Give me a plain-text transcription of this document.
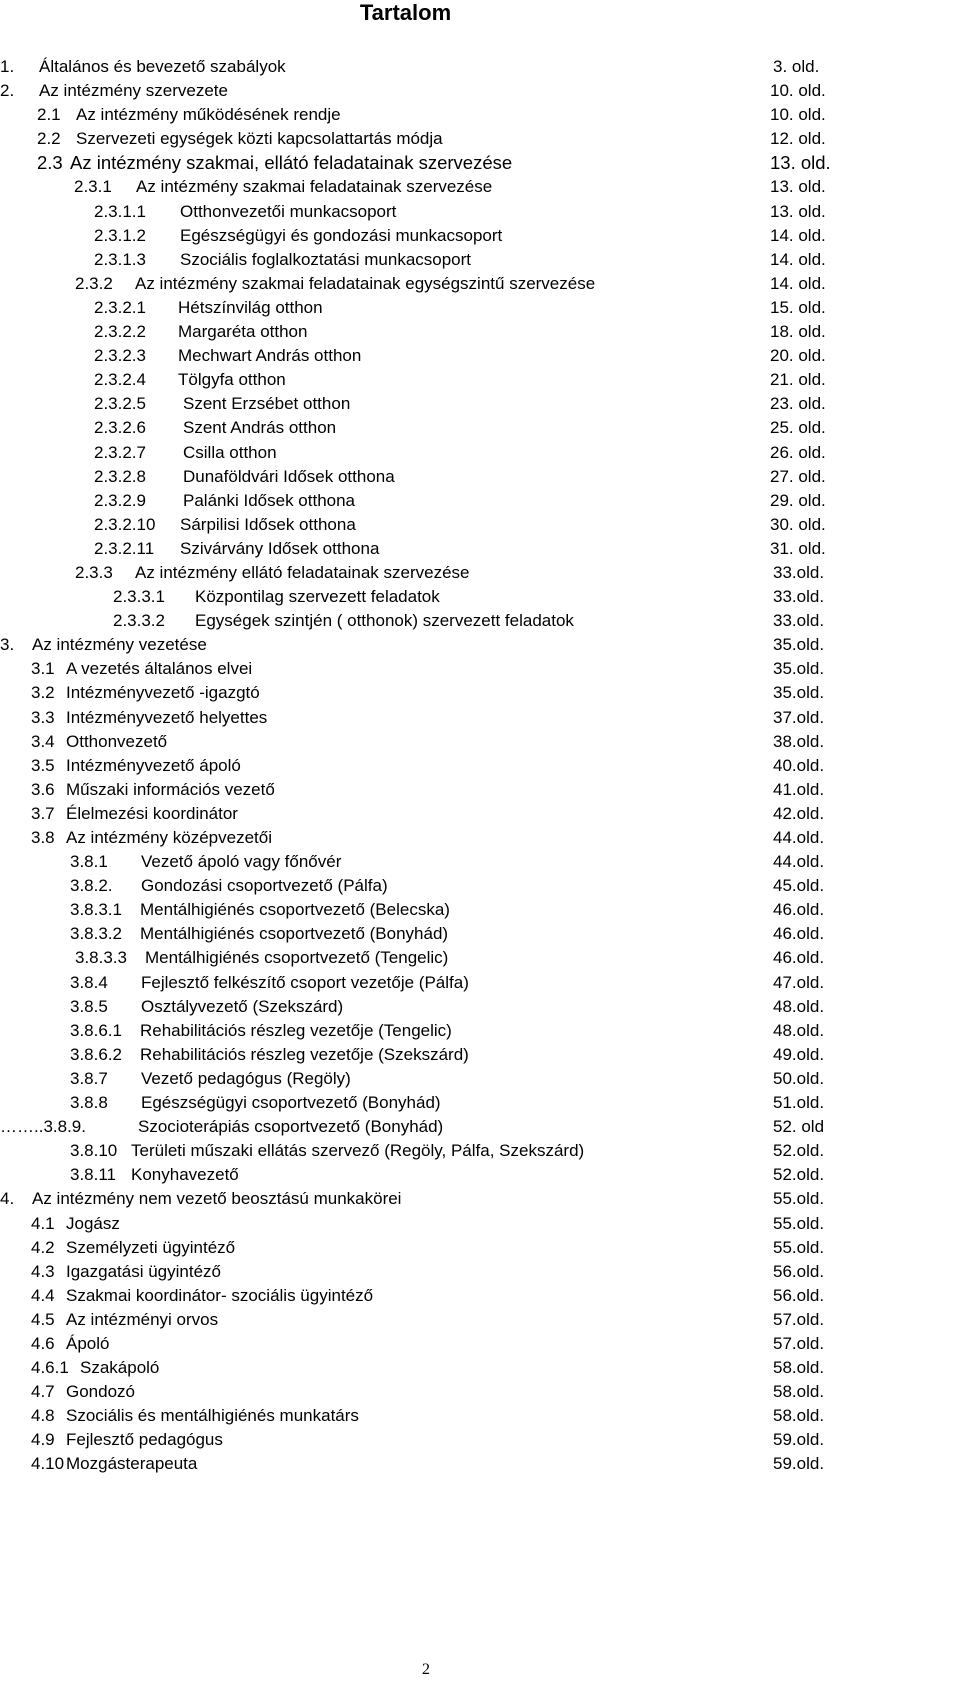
Tartalom
1. Általános és bevezető szabályok	3. old.
2. Az intézmény szervezete	10. old.
2.1 Az intézmény működésének rendje	10. old.
2.2 Szervezeti egységek közti kapcsolattartás módja	12. old.
2.3 Az intézmény szakmai, ellátó feladatainak szervezése	13. old.
2.3.1 Az intézmény szakmai feladatainak szervezése	13. old.
2.3.1.1 Otthonvezetői munkacsoport	13. old.
2.3.1.2 Egészségügyi és gondozási munkacsoport	14. old.
2.3.1.3 Szociális foglalkoztatási munkacsoport	14. old.
2.3.2 Az intézmény szakmai feladatainak egységszintű szervezése	14. old.
2.3.2.1 Hétszínvilág otthon	15. old.
2.3.2.2 Margaréta otthon	18. old.
2.3.2.3 Mechwart András otthon	20. old.
2.3.2.4 Tölgyfa otthon	21. old.
2.3.2.5 Szent Erzsébet otthon	23. old.
2.3.2.6 Szent András otthon	25. old.
2.3.2.7 Csilla otthon	26. old.
2.3.2.8 Dunaföldvári Idősek otthona	27. old.
2.3.2.9 Palánki Idősek otthona	29. old.
2.3.2.10 Sárpilisi Idősek otthona	30. old.
2.3.2.11 Szivárvány Idősek otthona	31. old.
2.3.3 Az intézmény ellátó feladatainak szervezése	33.old.
2.3.3.1 Központilag szervezett feladatok	33.old.
2.3.3.2 Egységek szintjén ( otthonok) szervezett feladatok	33.old.
3. Az intézmény vezetése	35.old.
3.1 A vezetés általános elvei	35.old.
3.2 Intézményvezető -igazgtó	35.old.
3.3 Intézményvezető helyettes	37.old.
3.4 Otthonvezető	38.old.
3.5 Intézményvezető ápoló	40.old.
3.6 Műszaki információs vezető	41.old.
3.7 Élelmezési koordinátor	42.old.
3.8 Az intézmény középvezetői	44.old.
3.8.1 Vezető ápoló vagy főnővér	44.old.
3.8.2. Gondozási csoportvezető (Pálfa)	45.old.
3.8.3.1 Mentálhigiénés csoportvezető (Belecska)	46.old.
3.8.3.2 Mentálhigiénés csoportvezető (Bonyhád)	46.old.
3.8.3.3 Mentálhigiénés csoportvezető (Tengelic)	46.old.
3.8.4 Fejlesztő felkészítő csoport vezetője (Pálfa)	47.old.
3.8.5 Osztályvezető (Szekszárd)	48.old.
3.8.6.1 Rehabilitációs részleg vezetője (Tengelic)	48.old.
3.8.6.2 Rehabilitációs részleg vezetője (Szekszárd)	49.old.
3.8.7 Vezető pedagógus (Regöly)	50.old.
3.8.8 Egészségügyi csoportvezető (Bonyhád)	51.old.
……..3.8.9.	Szocioterápiás csoportvezető (Bonyhád)	52. old
3.8.10 Területi műszaki ellátás szervező (Regöly, Pálfa, Szekszárd)	52.old.
3.8.11 Konyhavezető	52.old.
4. Az intézmény nem vezető beosztású munkakörei	55.old.
4.1 Jogász	55.old.
4.2 Személyzeti ügyintéző	55.old.
4.3 Igazgatási ügyintéző	56.old.
4.4 Szakmai koordinátor- szociális ügyintéző	56.old.
4.5 Az intézményi orvos	57.old.
4.6 Ápoló	57.old.
4.6.1 Szakápoló	58.old.
4.7 Gondozó	58.old.
4.8 Szociális és mentálhigiénés munkatárs	58.old.
4.9 Fejlesztő pedagógus	59.old.
4.10 Mozgásterapeuta	59.old.
2
